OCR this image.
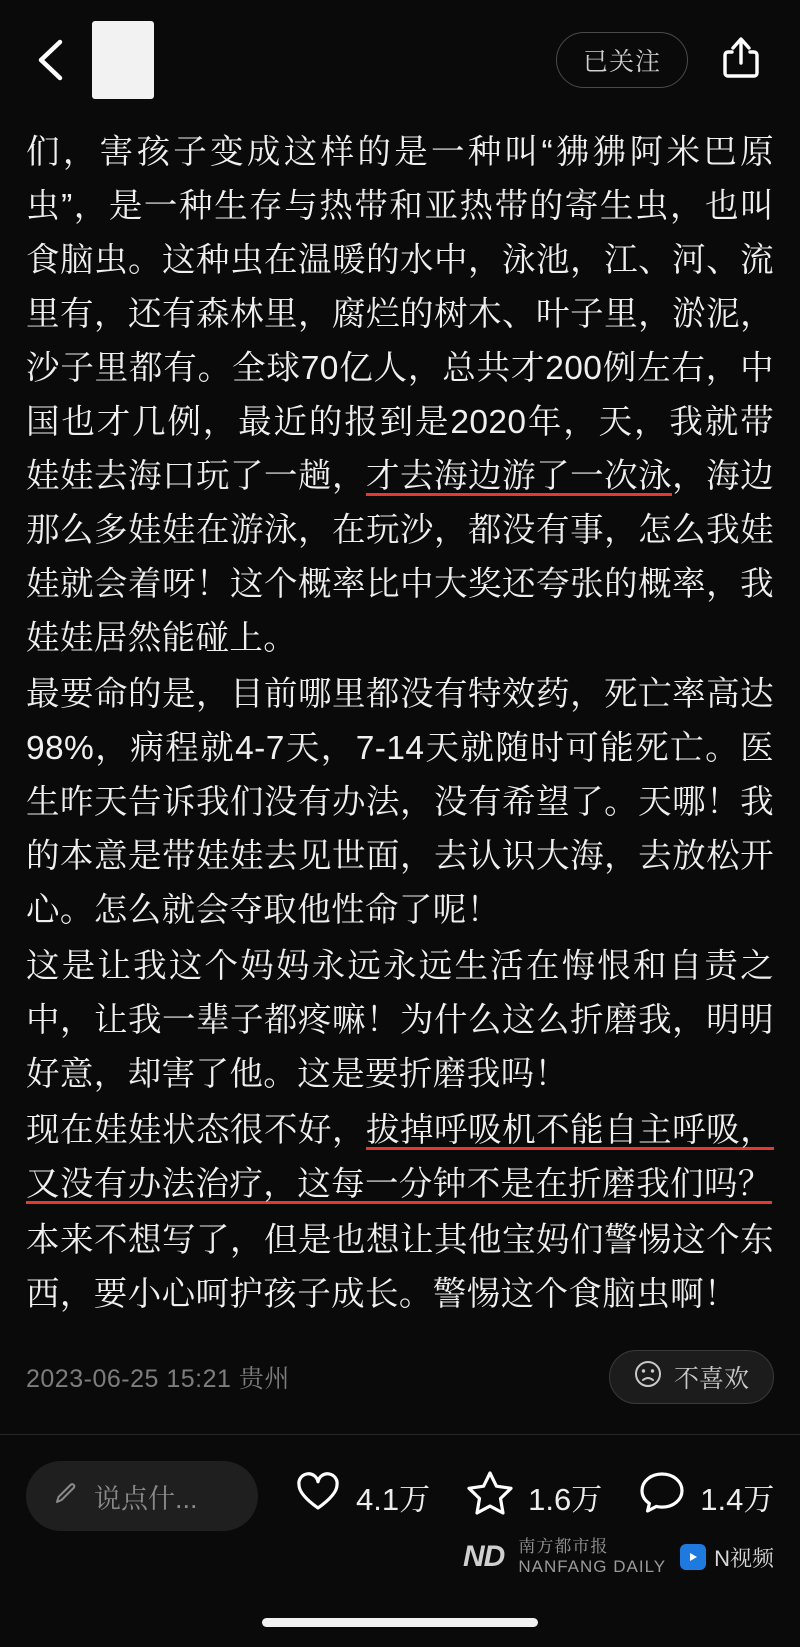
已关注

们，害孩子变成这样的是一种叫“狒狒阿米巴原虫”，是一种生存与热带和亚热带的寄生虫，也叫食脑虫。这种虫在温暖的水中，泳池，江、河、流里有，还有森林里，腐烂的树木、叶子里，淤泥，沙子里都有。全球70亿人，总共才200例左右，中国也才几例，最近的报到是2020年，天，我就带娃娃去海口玩了一趟，才去海边游了一次泳，海边那么多娃娃在游泳，在玩沙，都没有事，怎么我娃娃就会着呀！这个概率比中大奖还夸张的概率，我娃娃居然能碰上。

最要命的是，目前哪里都没有特效药，死亡率高达98%，病程就4-7天，7-14天就随时可能死亡。医生昨天告诉我们没有办法，没有希望了。天哪！我的本意是带娃娃去见世面，去认识大海，去放松开心。怎么就会夺取他性命了呢！

这是让我这个妈妈永远永远生活在悔恨和自责之中，让我一辈子都疼嘛！为什么这么折磨我，明明好意，却害了他。这是要折磨我吗！

现在娃娃状态很不好，拔掉呼吸机不能自主呼吸，又没有办法治疗，这每一分钟不是在折磨我们吗？

本来不想写了，但是也想让其他宝妈们警惕这个东西，要小心呵护孩子成长。警惕这个食脑虫啊！

2023-06-25 15:21 贵州	不喜欢
说点什...	4.1万	1.6万	1.4万
ND 南方都市报
NANFANG DAILY N视频
